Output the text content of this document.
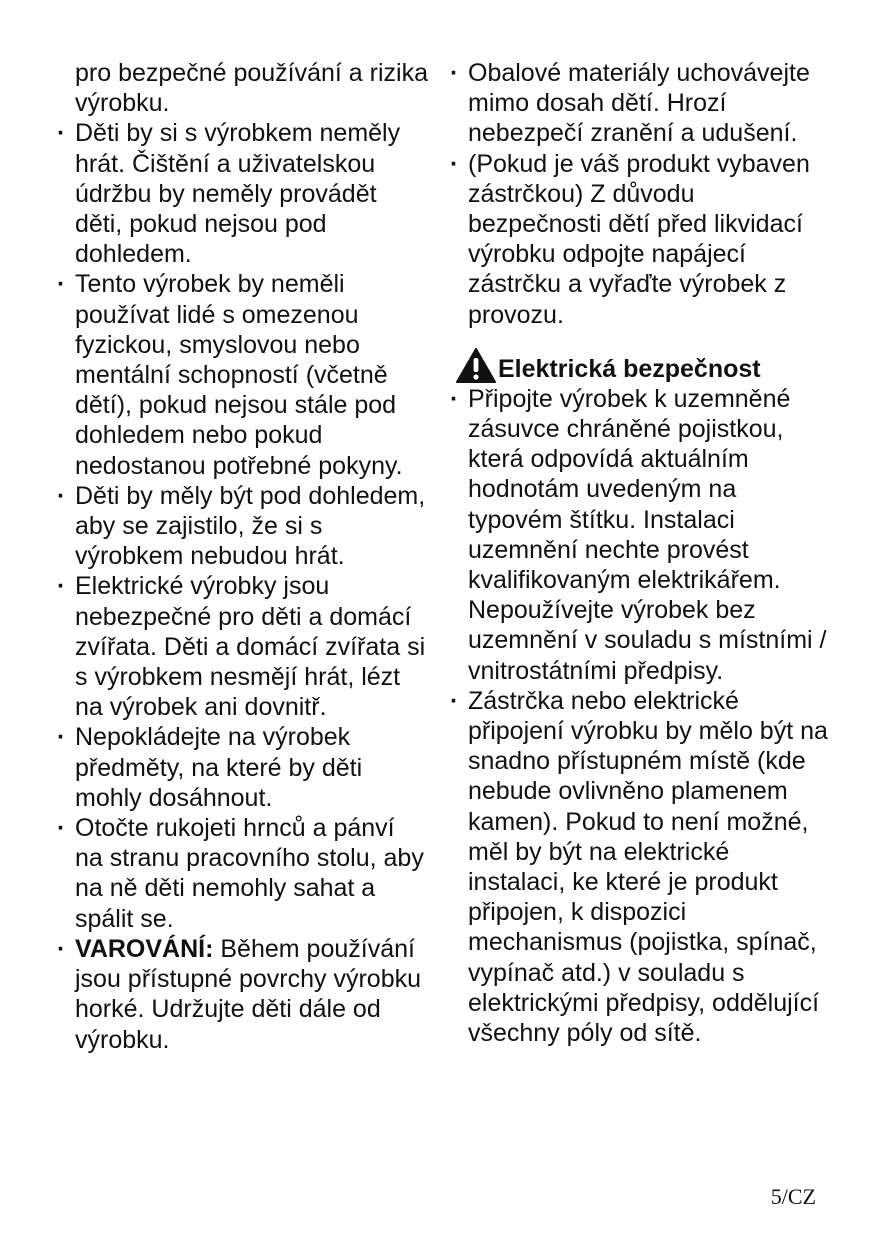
pro bezpečné používání a rizika výrobku.
· Děti by si s výrobkem neměly hrát. Čištění a uživatelskou údržbu by neměly provádět děti, pokud nejsou pod dohledem.
· Tento výrobek by neměli používat lidé s omezenou fyzickou, smyslovou nebo mentální schopností (včetně dětí), pokud nejsou stále pod dohledem nebo pokud nedostanou potřebné pokyny.
· Děti by měly být pod dohledem, aby se zajistilo, že si s výrobkem nebudou hrát.
· Elektrické výrobky jsou nebezpečné pro děti a domácí zvířata. Děti a domácí zvířata si s výrobkem nesmějí hrát, lézt na výrobek ani dovnitř.
· Nepokládejte na výrobek předměty, na které by děti mohly dosáhnout.
· Otočte rukojeti hrnců a pánví na stranu pracovního stolu, aby na ně děti nemohly sahat a spálit se.
· VAROVÁNÍ: Během používání jsou přístupné povrchy výrobku horké. Udržujte děti dále od výrobku.
· Obalové materiály uchovávejte mimo dosah dětí. Hrozí nebezpečí zranění a udušení.
· (Pokud je váš produkt vybaven zástrčkou) Z důvodu bezpečnosti dětí před likvidací výrobku odpojte napájecí zástrčku a vyřaďte výrobek z provozu.
Elektrická bezpečnost
· Připojte výrobek k uzemněné zásuvce chráněné pojistkou, která odpovídá aktuálním hodnotám uvedeným na typovém štítku. Instalaci uzemnění nechte provést kvalifikovaným elektrikářem. Nepoužívejte výrobek bez uzemnění v souladu s místními / vnitrostátními předpisy.
· Zástrčka nebo elektrické připojení výrobku by mělo být na snadno přístupném místě (kde nebude ovlivněno plamenem kamen). Pokud to není možné, měl by být na elektrické instalaci, ke které je produkt připojen, k dispozici mechanismus (pojistka, spínač, vypínač atd.) v souladu s elektrickými předpisy, oddělující všechny póly od sítě.
5/CZ
